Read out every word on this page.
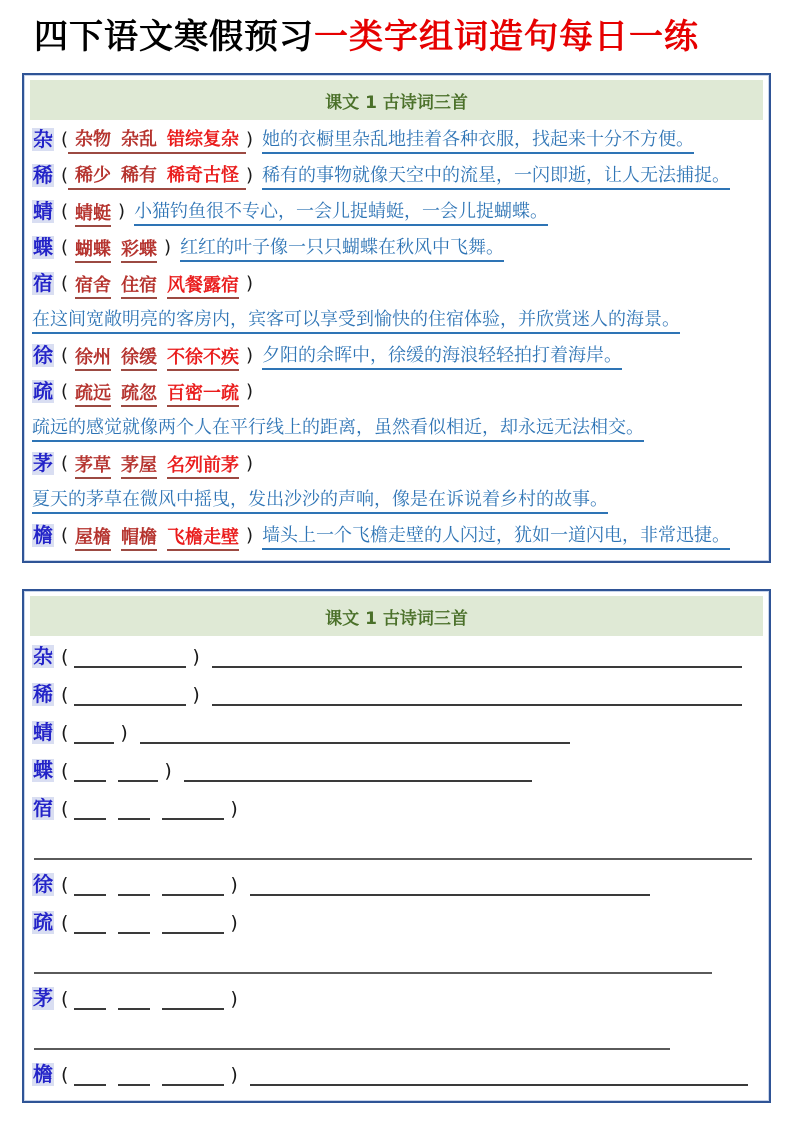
四下语文寒假预习一类字组词造句每日一练
课文 1 古诗词三首
杂 ( 杂物 杂乱 错综复杂 ) 她的衣橱里杂乱地挂着各种衣服，找起来十分不方便。
稀 ( 稀少 稀有 稀奇古怪 ) 稀有的事物就像天空中的流星，一闪即逝，让人无法捕捉。
蜻 ( 蜻蜓 ) 小猫钓鱼很不专心，一会儿捉蜻蜓，一会儿捉蝴蝶。
蝶 ( 蝴蝶 彩蝶 ) 红红的叶子像一只只蝴蝶在秋风中飞舞。
宿 ( 宿舍 住宿 风餐露宿 )
在这间宽敞明亮的客房内，宾客可以享受到愉快的住宿体验，并欣赏迷人的海景。
徐 ( 徐州 徐缓 不徐不疾 ) 夕阳的余晖中，徐缓的海浪轻轻拍打着海岸。
疏 ( 疏远 疏忽 百密一疏 )
疏远的感觉就像两个人在平行线上的距离，虽然看似相近，却永远无法相交。
茅 ( 茅草 茅屋 名列前茅 )
夏天的茅草在微风中摇曳，发出沙沙的声响，像是在诉说着乡村的故事。
檐 ( 屋檐 帽檐 飞檐走壁 ) 墙头上一个飞檐走壁的人闪过，犹如一道闪电，非常迅捷。
课文 1 古诗词三首
杂 (	)
稀 (	)
蜻 (	)
蝶 (	)
宿 (	)
徐 (	)
疏 (	)
茅 (	)
檐 (	)
